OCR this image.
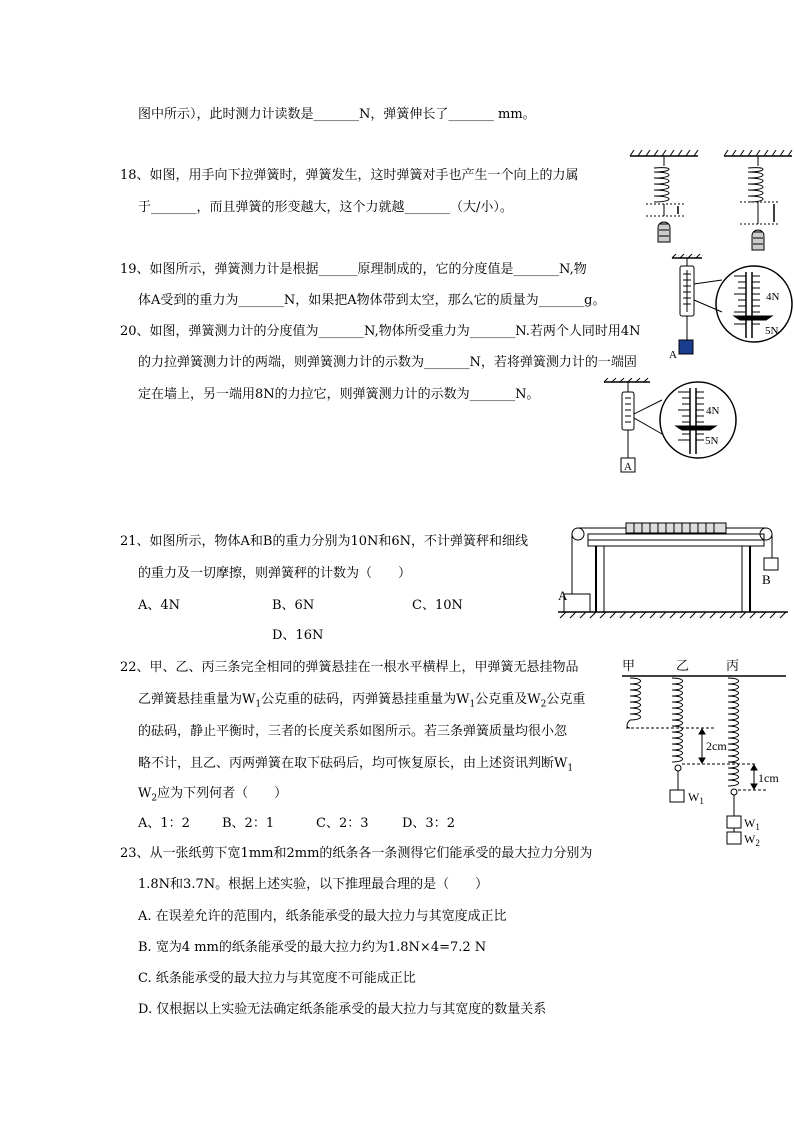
图中所示），此时测力计读数是_______N，弹簧伸长了_______ mm。
18、如图，用手向下拉弹簧时，弹簧发生，这时弹簧对手也产生一个向上的力属
于_______，而且弹簧的形变越大，这个力就越_______（大/小）。
19、如图所示，弹簧测力计是根据______原理制成的，它的分度值是_______N,物
体A受到的重力为_______N，如果把A物体带到太空，那么它的质量为_______g。	4N
5N
A
20、如图，弹簧测力计的分度值为_______N,物体所受重力为_______N.若两个人同时用4N
的力拉弹簧测力计的两端，则弹簧测力计的示数为_______N，若将弹簧测力计的一端固
定在墙上，另一端用8N的力拉它，则弹簧测力计的示数为_______N。
4N
5N
A
21、如图所示，物体A和B的重力分别为10N和6N，不计弹簧秤和细线
的重力及一切摩擦，则弹簧秤的计数为（　　）
A、4N	B、6N	C、10N
D、16N
A
B
22、甲、乙、丙三条完全相同的弹簧悬挂在一根水平横桿上，甲弹簧无悬挂物品
乙弹簧悬挂重量为$W_1$公克重的砝码，丙弹簧悬挂重量为$W_1$公克重及$W_2$公克重
的砝码，静止平衡时，三者的长度关系如图所示。若三条弹簧质量均很小忽
略不计，且乙、丙两弹簧在取下砝码后，均可恢复原长，由上述资讯判断$W_1$
$W_2$应为下列何者（　　）
A、1：2 B、2：1	C、2：3	D、3：2
甲	乙	丙
2cm
1cm
$W_1$
$W_1$
$W_2$
23、从一张纸剪下宽1mm和2mm的纸条各一条测得它们能承受的最大拉力分别为
1.8N和3.7N。根据上述实验，以下推理最合理的是（　　）
A. 在误差允许的范围内，纸条能承受的最大拉力与其宽度成正比
B. 宽为4 mm的纸条能承受的最大拉力约为1.8N×4=7.2 N
C. 纸条能承受的最大拉力与其宽度不可能成正比
D. 仅根据以上实验无法确定纸条能承受的最大拉力与其宽度的数量关系
